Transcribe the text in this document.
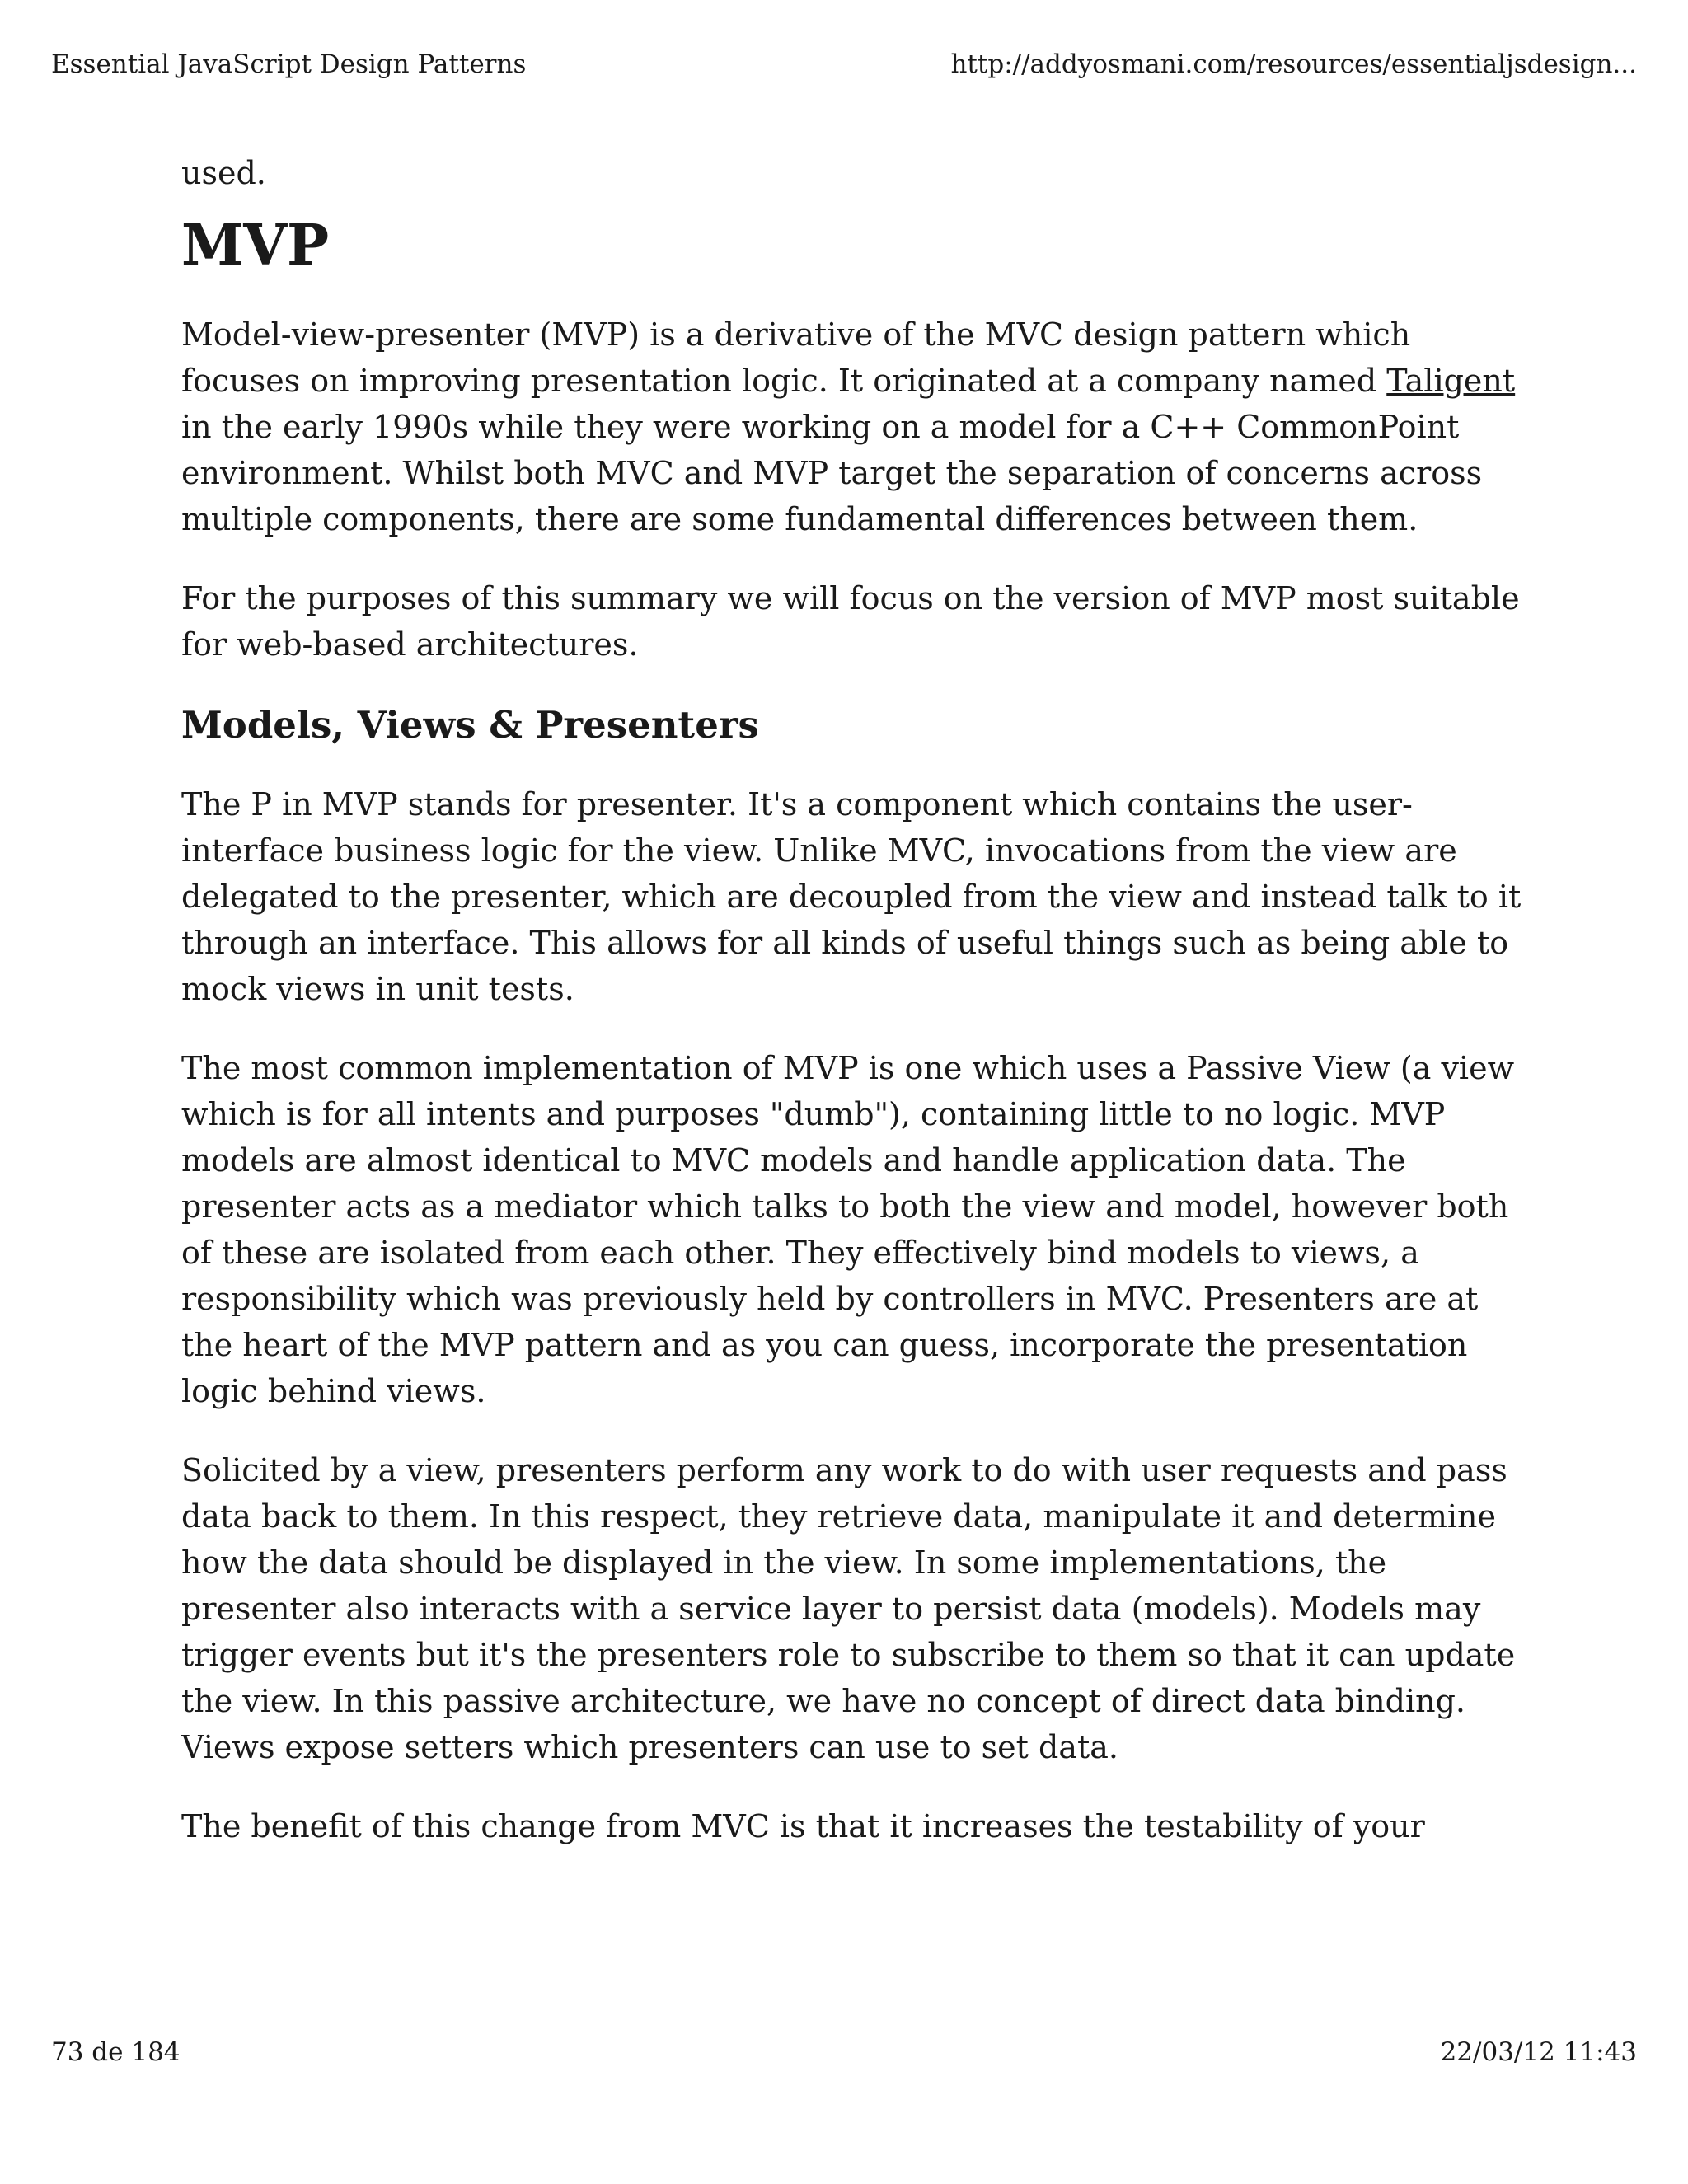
Essential JavaScript Design Patterns	http://addyosmani.com/resources/essentialjsdesign...

used.

MVP

Model-view-presenter (MVP) is a derivative of the MVC design pattern which focuses on improving presentation logic. It originated at a company named Taligent in the early 1990s while they were working on a model for a C++ CommonPoint environment. Whilst both MVC and MVP target the separation of concerns across multiple components, there are some fundamental differences between them.

For the purposes of this summary we will focus on the version of MVP most suitable for web-based architectures.

Models, Views & Presenters

The P in MVP stands for presenter. It's a component which contains the user-interface business logic for the view. Unlike MVC, invocations from the view are delegated to the presenter, which are decoupled from the view and instead talk to it through an interface. This allows for all kinds of useful things such as being able to mock views in unit tests.

The most common implementation of MVP is one which uses a Passive View (a view which is for all intents and purposes "dumb"), containing little to no logic. MVP models are almost identical to MVC models and handle application data. The presenter acts as a mediator which talks to both the view and model, however both of these are isolated from each other. They effectively bind models to views, a responsibility which was previously held by controllers in MVC. Presenters are at the heart of the MVP pattern and as you can guess, incorporate the presentation logic behind views.

Solicited by a view, presenters perform any work to do with user requests and pass data back to them. In this respect, they retrieve data, manipulate it and determine how the data should be displayed in the view. In some implementations, the presenter also interacts with a service layer to persist data (models). Models may trigger events but it's the presenters role to subscribe to them so that it can update the view. In this passive architecture, we have no concept of direct data binding. Views expose setters which presenters can use to set data.

The benefit of this change from MVC is that it increases the testability of your

73 de 184	22/03/12 11:43
